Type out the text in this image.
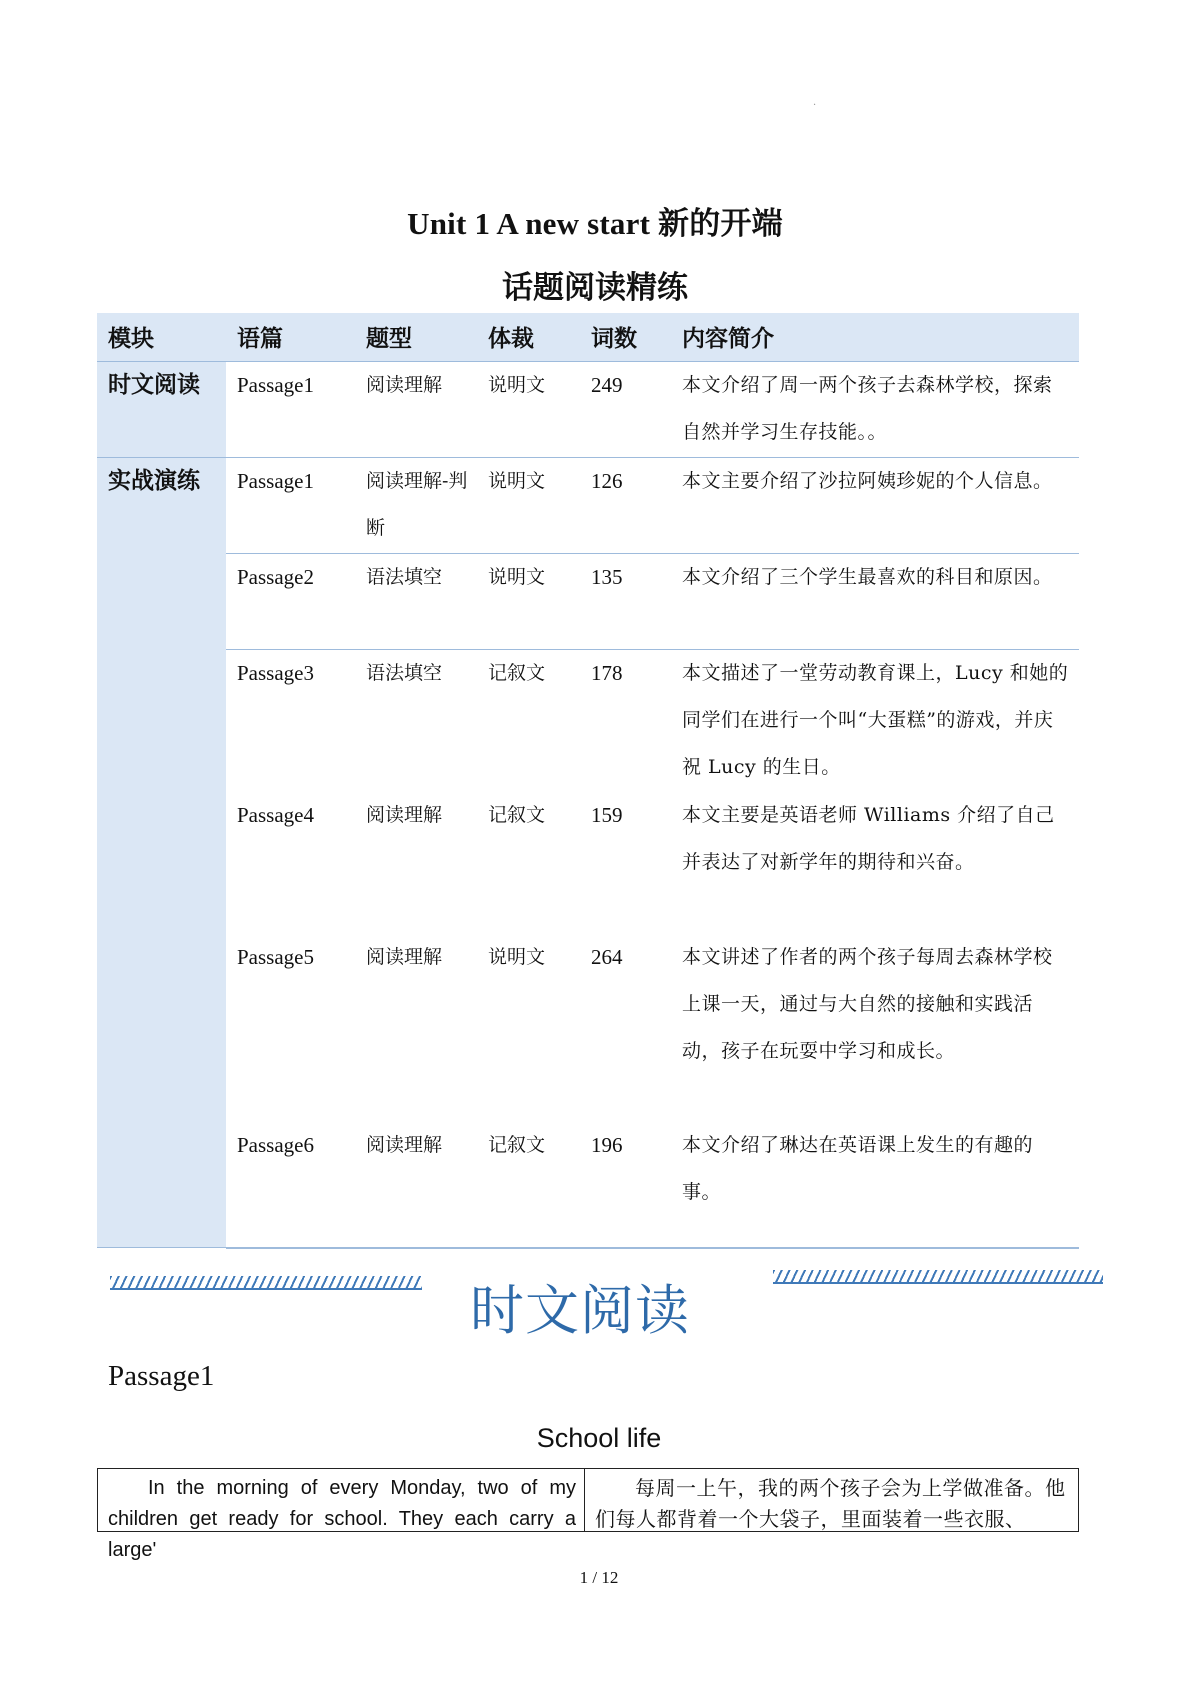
·
Unit 1 A new start 新的开端
话题阅读精练
模块	语篇	题型	体裁	词数	内容简介
时文阅读	Passage1	阅读理解	说明文	249	本文介绍了周一两个孩子去森林学校，探索自然并学习生存技能。。
实战演练	Passage1	阅读理解-判断	说明文	126	本文主要介绍了沙拉阿姨珍妮的个人信息。
	Passage2	语法填空	说明文	135	本文介绍了三个学生最喜欢的科目和原因。
	Passage3	语法填空	记叙文	178	本文描述了一堂劳动教育课上，Lucy 和她的同学们在进行一个叫“大蛋糕”的游戏，并庆祝 Lucy 的生日。
	Passage4	阅读理解	记叙文	159	本文主要是英语老师 Williams 介绍了自己并表达了对新学年的期待和兴奋。
	Passage5	阅读理解	说明文	264	本文讲述了作者的两个孩子每周去森林学校上课一天，通过与大自然的接触和实践活动，孩子在玩耍中学习和成长。
	Passage6	阅读理解	记叙文	196	本文介绍了琳达在英语课上发生的有趣的事。
时文阅读
Passage1
School life
In the morning of every Monday, two of my children get ready for school. They each carry a large'
每周一上午，我的两个孩子会为上学做准备。他们每人都背着一个大袋子，里面装着一些衣服、
1 / 12
